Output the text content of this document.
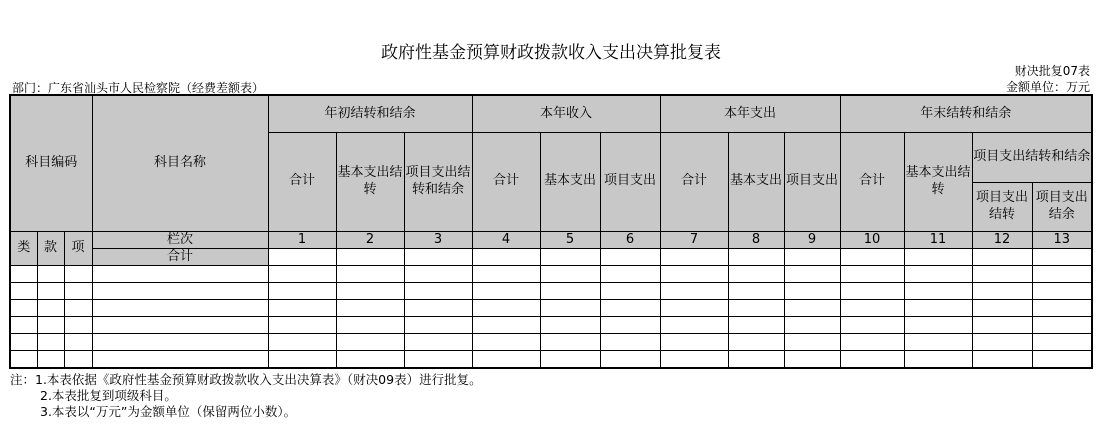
政府性基金预算财政拨款收入支出决算批复表
财决批复07表
金额单位：万元
部门：广东省汕头市人民检察院（经费差额表）
科目编码			科目名称	年初结转和结余			本年收入			本年支出			年末结转和结余			
				合计	基本支出结转	项目支出结转和结余	合计	基本支出	项目支出	合计	基本支出	项目支出	合计	基本支出结转	项目支出结转和结余	
															项目支出结转	项目支出结余
类	款	项	栏次	1	2	3	4	5	6	7	8	9	10	11	12	13
			合计													

注：1.本表依据《政府性基金预算财政拨款收入支出决算表》（财决09表）进行批复。
2.本表批复到项级科目。
3.本表以“万元”为金额单位（保留两位小数）。
